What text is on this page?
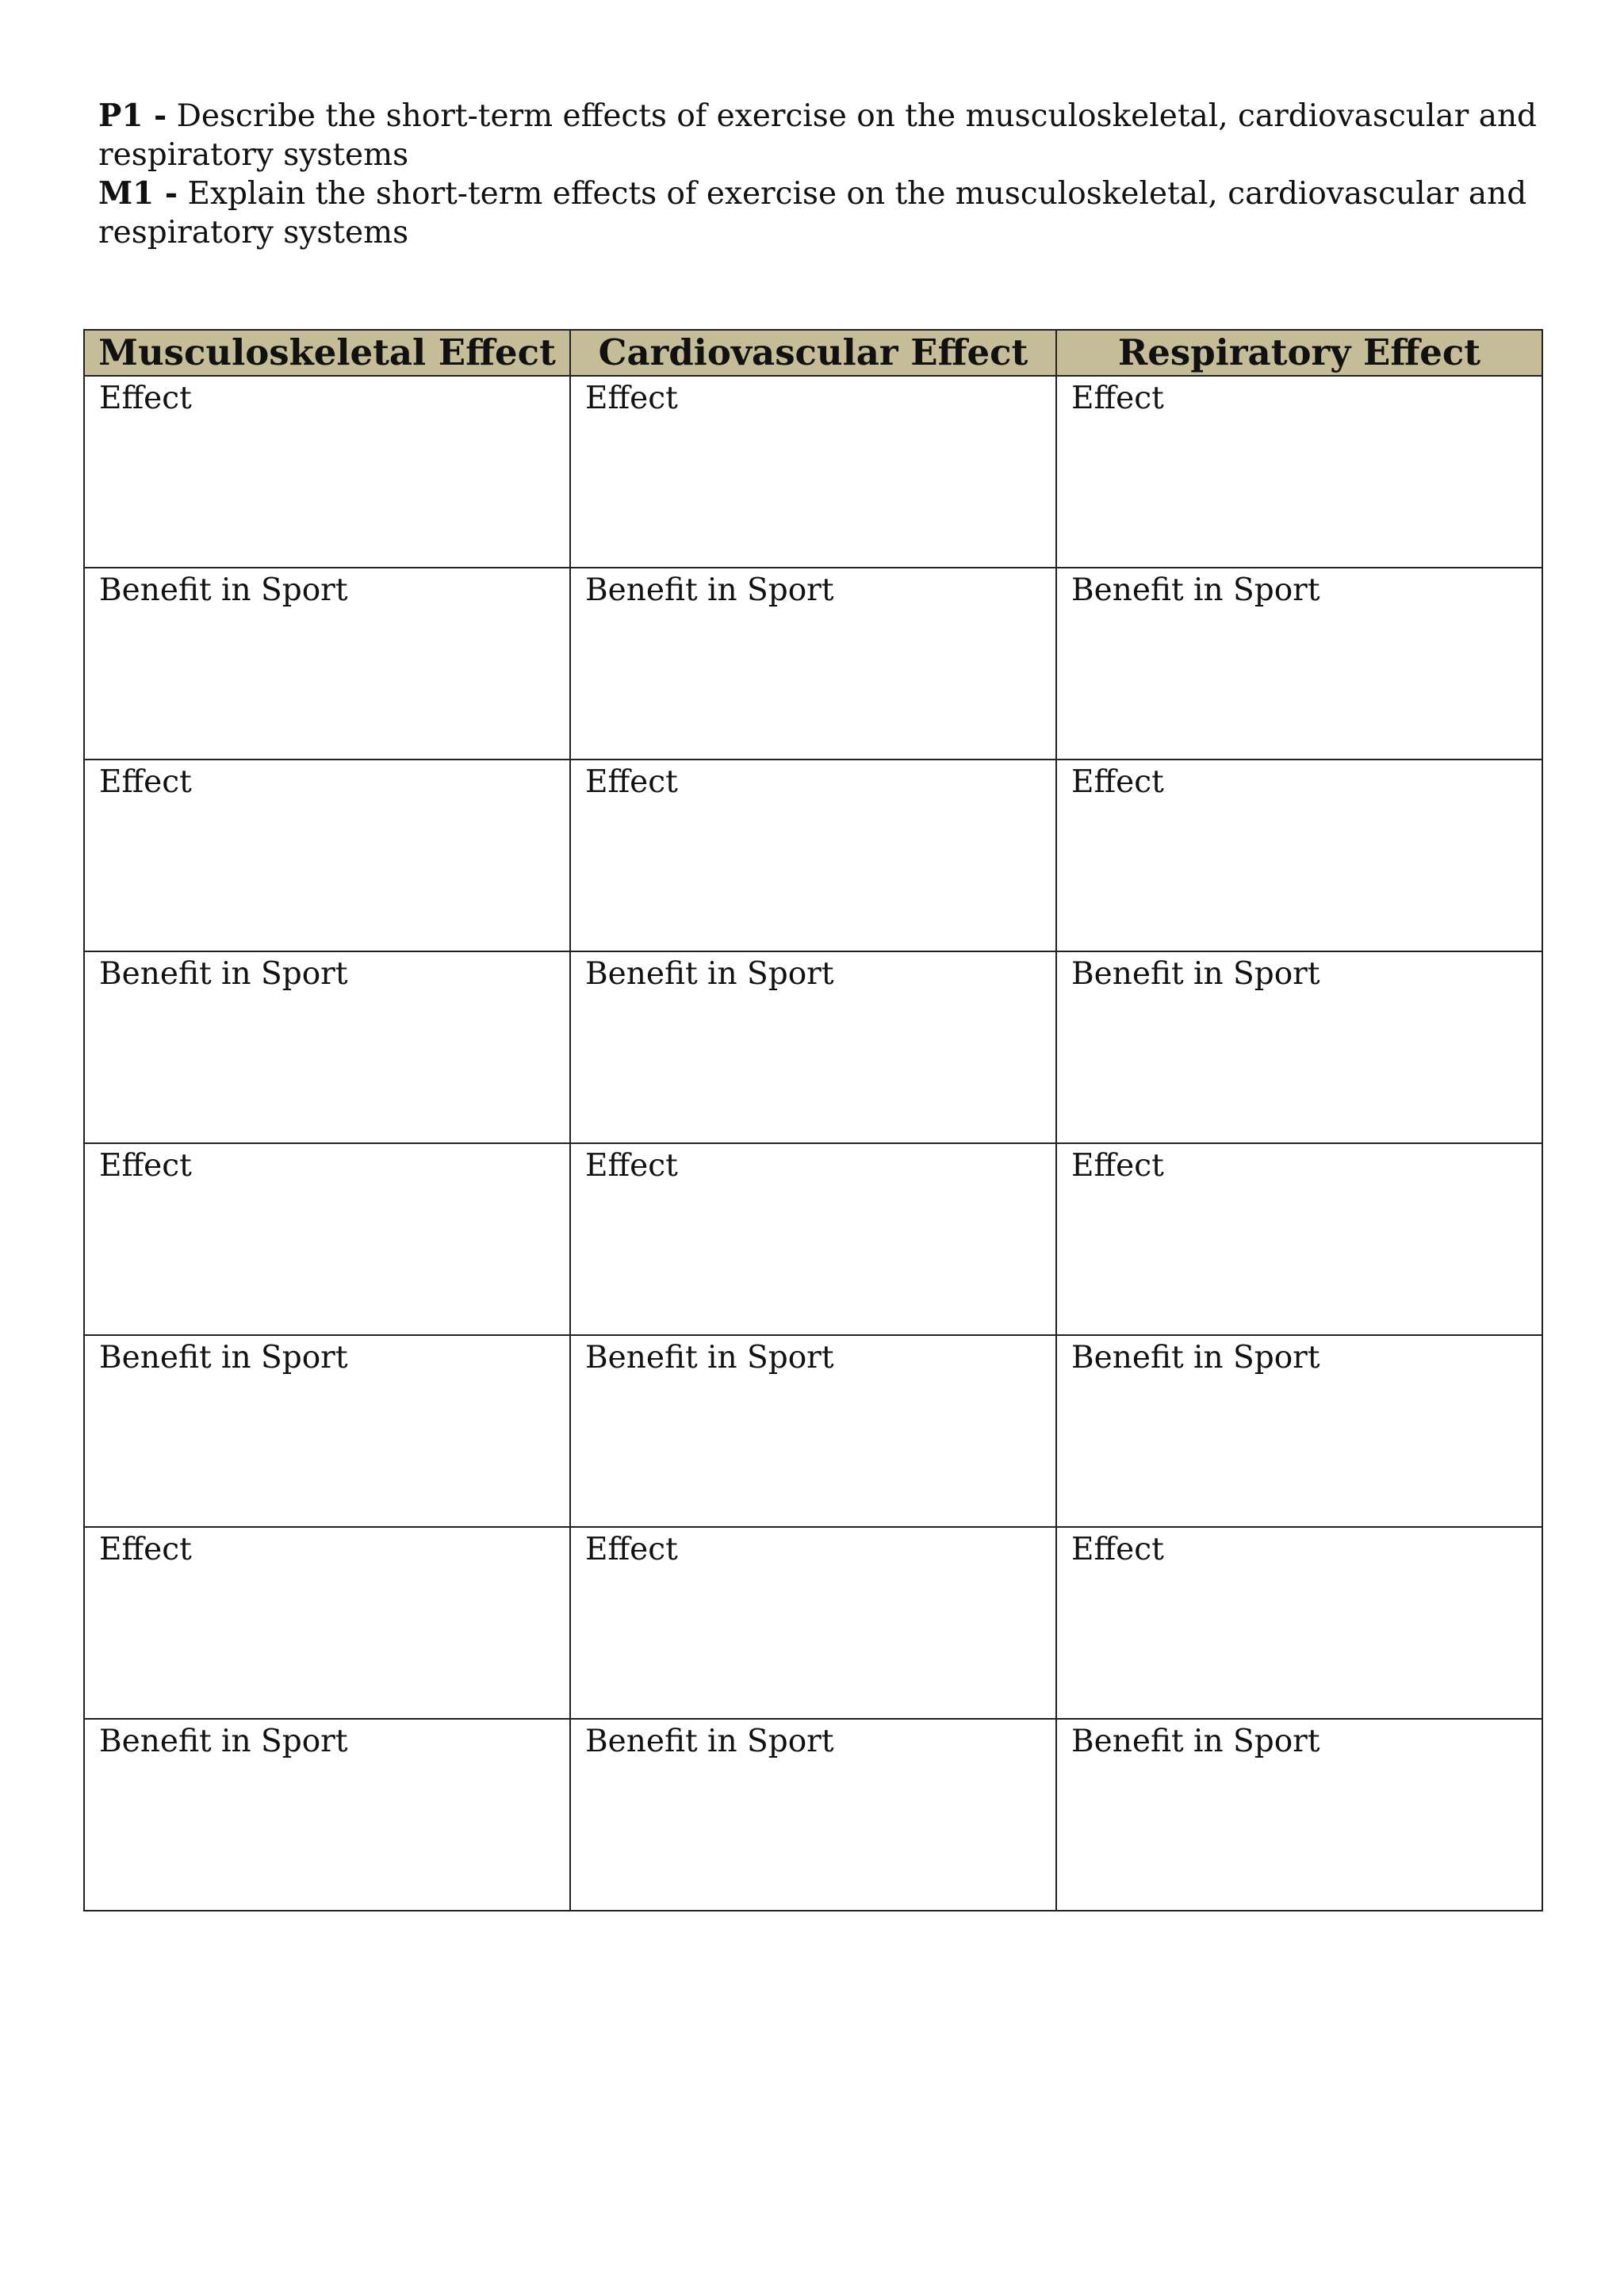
P1 - Describe the short-term effects of exercise on the musculoskeletal, cardiovascular and respiratory systems

M1 - Explain the short-term effects of exercise on the musculoskeletal, cardiovascular and respiratory systems

Musculoskeletal Effect	Cardiovascular Effect	Respiratory Effect

Effect	Effect	Effect

Benefit in Sport	Benefit in Sport	Benefit in Sport

Effect	Effect	Effect

Benefit in Sport	Benefit in Sport	Benefit in Sport

Effect	Effect	Effect

Benefit in Sport	Benefit in Sport	Benefit in Sport

Effect	Effect	Effect

Benefit in Sport	Benefit in Sport	Benefit in Sport
